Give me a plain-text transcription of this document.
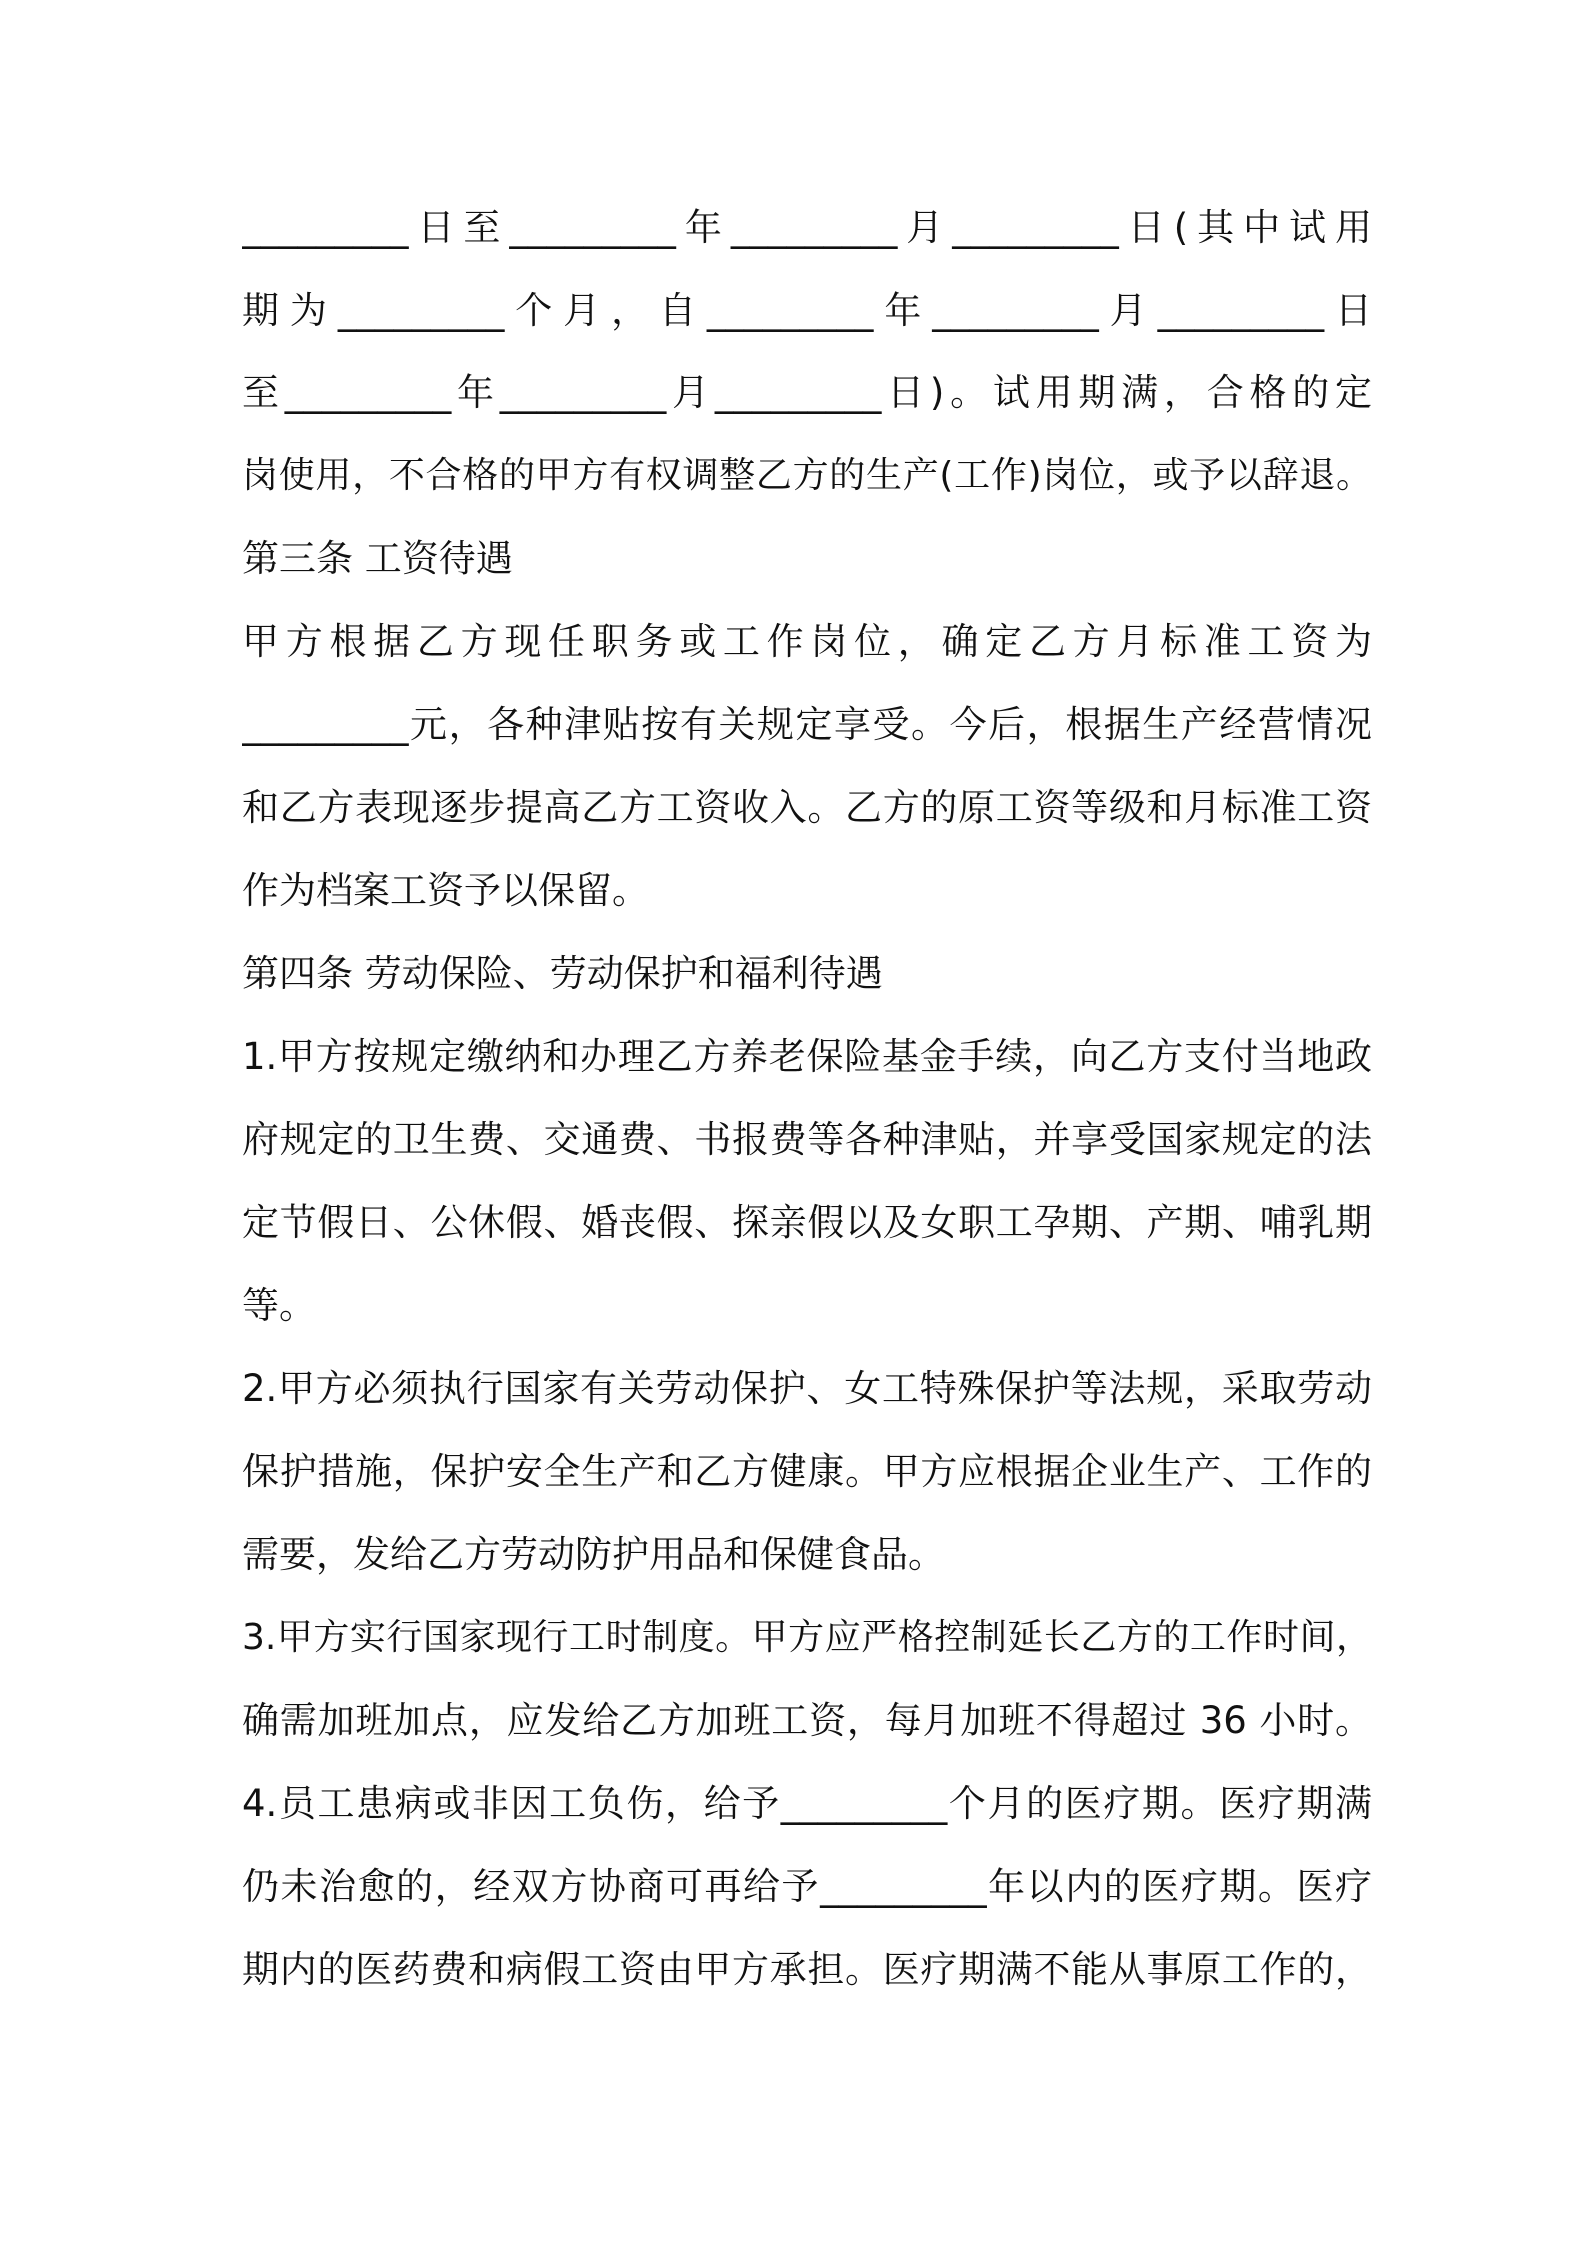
_________日至_________年_________月_________日(其中试用
期为_________个月，自_________年_________月_________日
至_________年_________月_________日)。试用期满，合格的定
岗使用，不合格的甲方有权调整乙方的生产(工作)岗位，或予以辞退。
第三条 工资待遇
甲方根据乙方现任职务或工作岗位，确定乙方月标准工资为
_________元，各种津贴按有关规定享受。今后，根据生产经营情况
和乙方表现逐步提高乙方工资收入。乙方的原工资等级和月标准工资
作为档案工资予以保留。
第四条 劳动保险、劳动保护和福利待遇
1.甲方按规定缴纳和办理乙方养老保险基金手续，向乙方支付当地政
府规定的卫生费、交通费、书报费等各种津贴，并享受国家规定的法
定节假日、公休假、婚丧假、探亲假以及女职工孕期、产期、哺乳期
等。
2.甲方必须执行国家有关劳动保护、女工特殊保护等法规，采取劳动
保护措施，保护安全生产和乙方健康。甲方应根据企业生产、工作的
需要，发给乙方劳动防护用品和保健食品。
3.甲方实行国家现行工时制度。甲方应严格控制延长乙方的工作时间，
确需加班加点，应发给乙方加班工资，每月加班不得超过 36 小时。
4.员工患病或非因工负伤，给予_________个月的医疗期。医疗期满
仍未治愈的，经双方协商可再给予_________年以内的医疗期。医疗
期内的医药费和病假工资由甲方承担。医疗期满不能从事原工作的，
